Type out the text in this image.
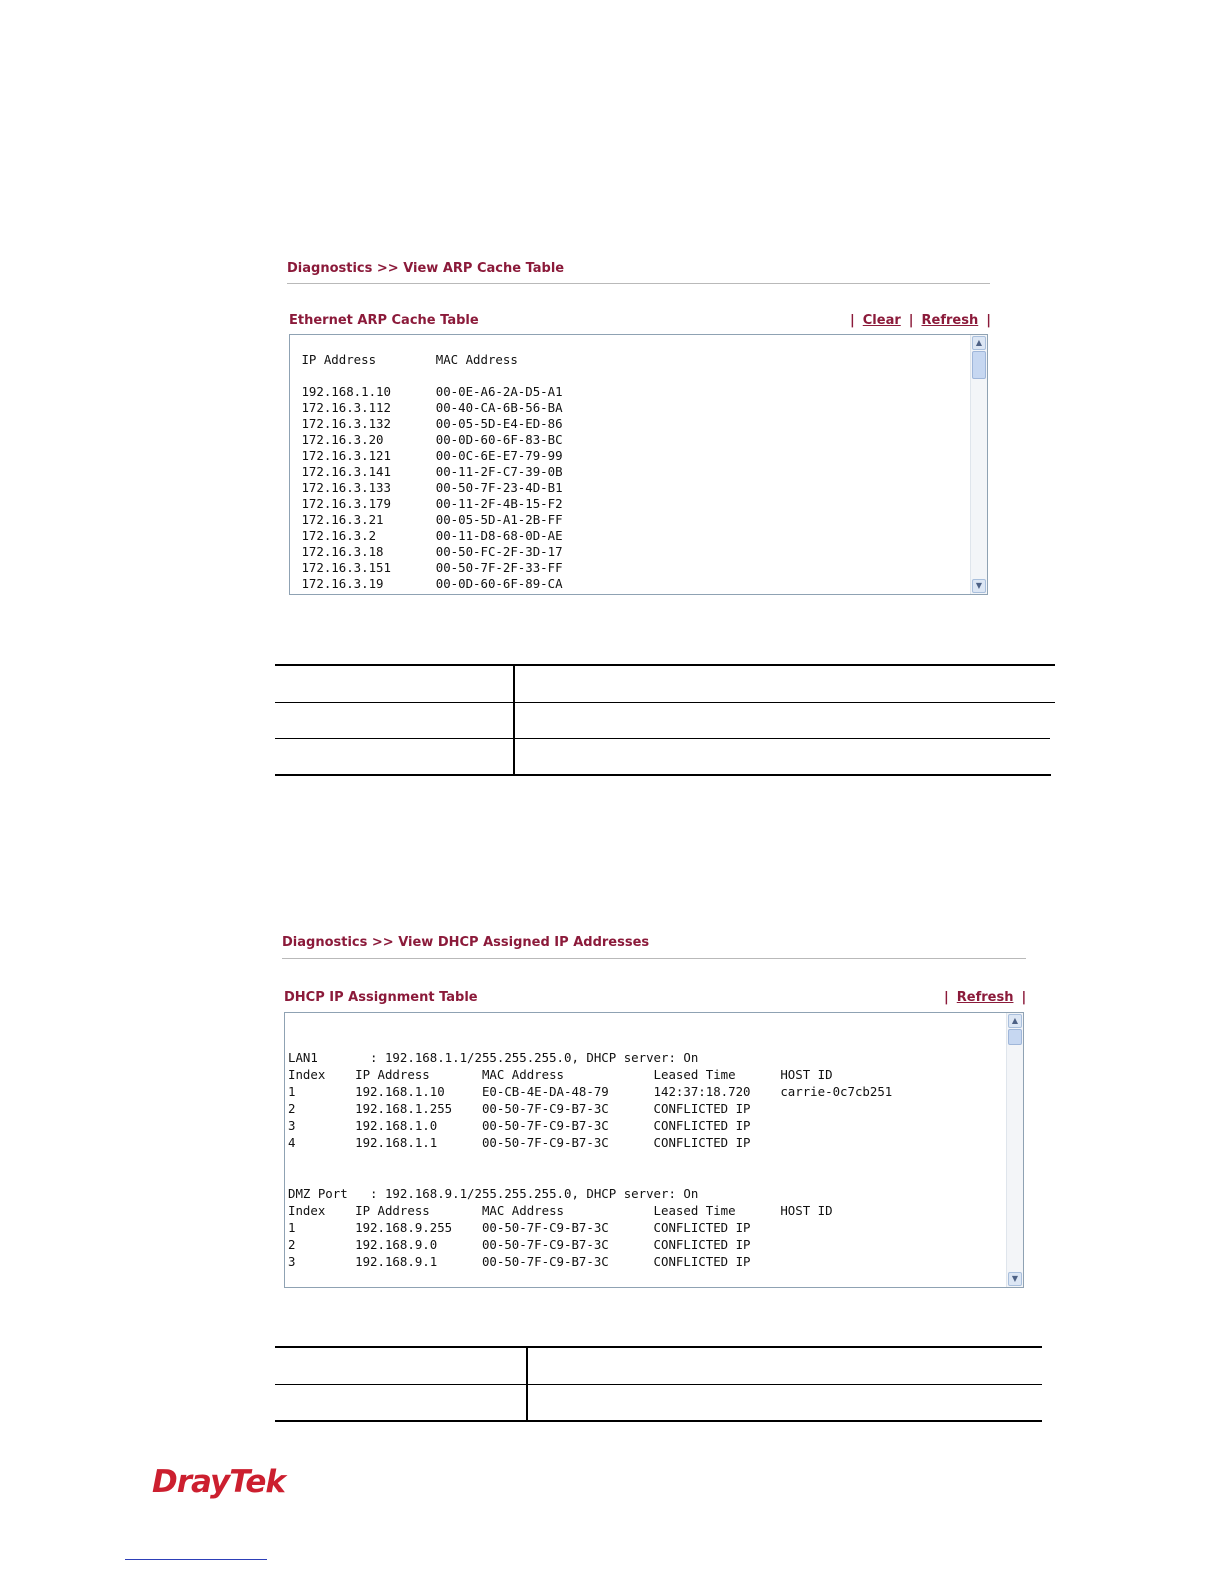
Diagnostics >> View ARP Cache Table
Ethernet ARP Cache Table	| Clear | Refresh |
IP Address        MAC Address

192.168.1.10      00-0E-A6-2A-D5-A1
172.16.3.112      00-40-CA-6B-56-BA
172.16.3.132      00-05-5D-E4-ED-86
172.16.3.20       00-0D-60-6F-83-BC
172.16.3.121      00-0C-6E-E7-79-99
172.16.3.141      00-11-2F-C7-39-0B
172.16.3.133      00-50-7F-23-4D-B1
172.16.3.179      00-11-2F-4B-15-F2
172.16.3.21       00-05-5D-A1-2B-FF
172.16.3.2        00-11-D8-68-0D-AE
172.16.3.18       00-50-FC-2F-3D-17
172.16.3.151      00-50-7F-2F-33-FF
172.16.3.19       00-0D-60-6F-89-CA
▲
▼
Diagnostics >> View DHCP Assigned IP Addresses
DHCP IP Assignment Table	| Refresh |
LAN1       : 192.168.1.1/255.255.255.0, DHCP server: On
Index    IP Address       MAC Address            Leased Time      HOST ID
1        192.168.1.10     E0-CB-4E-DA-48-79      142:37:18.720    carrie-0c7cb251
2        192.168.1.255    00-50-7F-C9-B7-3C      CONFLICTED IP
3        192.168.1.0      00-50-7F-C9-B7-3C      CONFLICTED IP
4        192.168.1.1      00-50-7F-C9-B7-3C      CONFLICTED IP

DMZ Port   : 192.168.9.1/255.255.255.0, DHCP server: On
Index    IP Address       MAC Address            Leased Time      HOST ID
1        192.168.9.255    00-50-7F-C9-B7-3C      CONFLICTED IP
2        192.168.9.0      00-50-7F-C9-B7-3C      CONFLICTED IP
3        192.168.9.1      00-50-7F-C9-B7-3C      CONFLICTED IP
▲
▼
DrayTek
